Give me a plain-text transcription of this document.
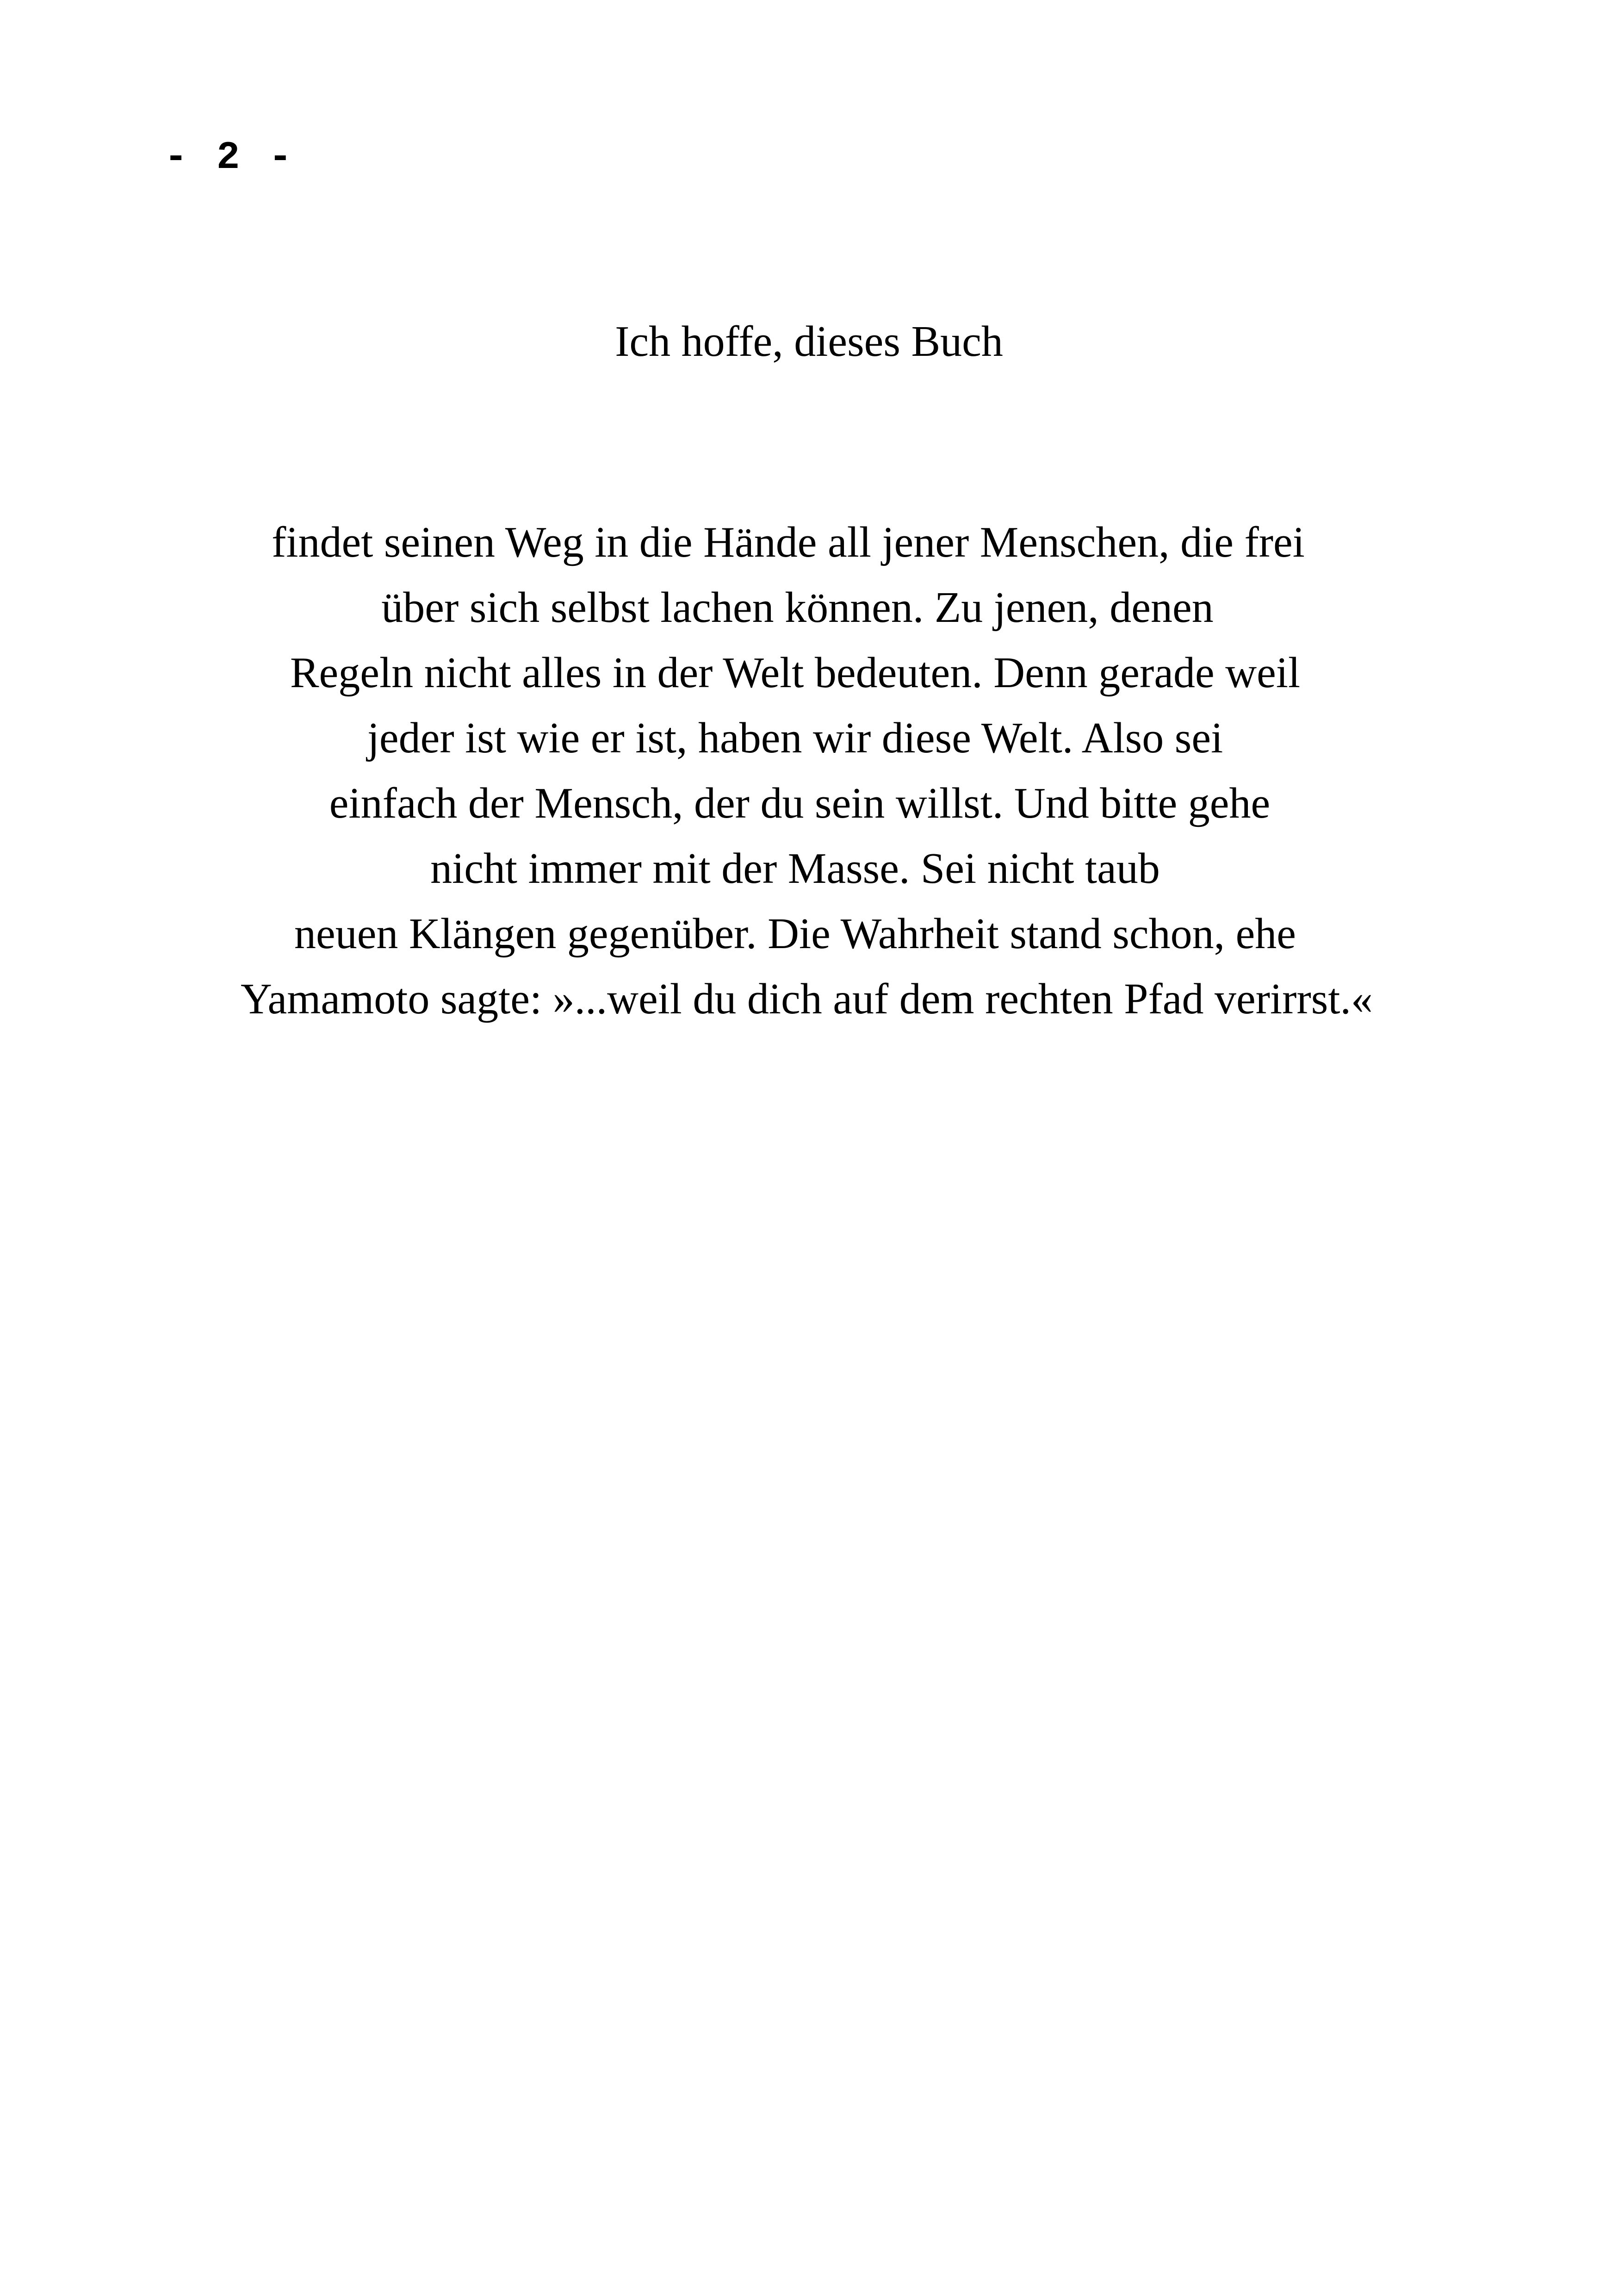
- 2 -
Ich hoffe, dieses Buch
findet seinen Weg in die Hände all jener Menschen, die frei
über sich selbst lachen können. Zu jenen, denen
Regeln nicht alles in der Welt bedeuten. Denn gerade weil
jeder ist wie er ist, haben wir diese Welt. Also sei
einfach der Mensch, der du sein willst. Und bitte gehe
nicht immer mit der Masse. Sei nicht taub
neuen Klängen gegenüber. Die Wahrheit stand schon, ehe
Yamamoto sagte: »...weil du dich auf dem rechten Pfad verirrst.«
